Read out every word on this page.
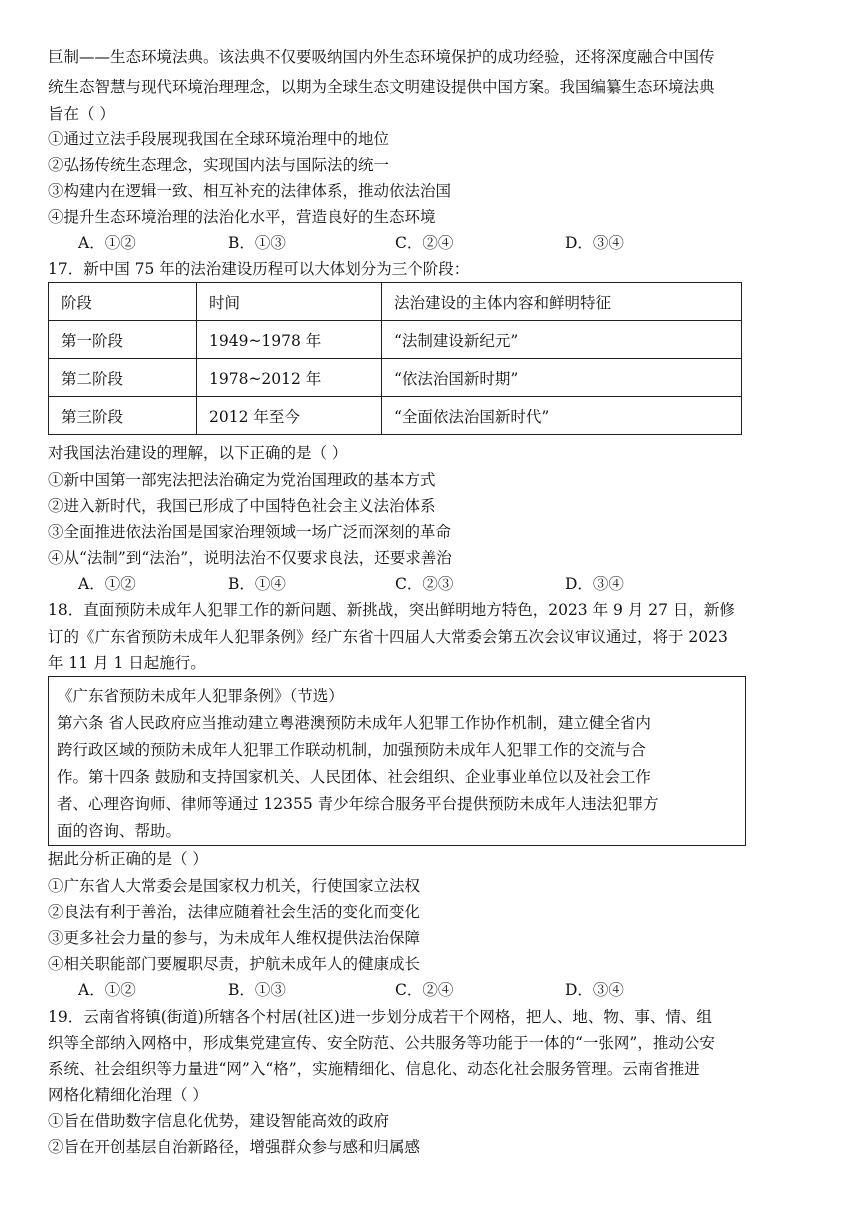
巨制——生态环境法典。该法典不仅要吸纳国内外生态环境保护的成功经验，还将深度融合中国传
统生态智慧与现代环境治理理念，以期为全球生态文明建设提供中国方案。我国编纂生态环境法典
旨在（ ）
①通过立法手段展现我国在全球环境治理中的地位
②弘扬传统生态理念，实现国内法与国际法的统一
③构建内在逻辑一致、相互补充的法律体系，推动依法治国
④提升生态环境治理的法治化水平，营造良好的生态环境
A．①②	B．①③	C．②④	D．③④
17．新中国 75 年的法治建设历程可以大体划分为三个阶段：
阶段	时间	法治建设的主体内容和鲜明特征
第一阶段	1949~1978 年	“法制建设新纪元”
第二阶段	1978~2012 年	“依法治国新时期”
第三阶段	2012 年至今	“全面依法治国新时代”
对我国法治建设的理解，以下正确的是（ ）
①新中国第一部宪法把法治确定为党治国理政的基本方式
②进入新时代，我国已形成了中国特色社会主义法治体系
③全面推进依法治国是国家治理领域一场广泛而深刻的革命
④从“法制”到“法治”，说明法治不仅要求良法，还要求善治
A．①②	B．①④	C．②③	D．③④
18．直面预防未成年人犯罪工作的新问题、新挑战，突出鲜明地方特色，2023 年 9 月 27 日，新修
订的《广东省预防未成年人犯罪条例》经广东省十四届人大常委会第五次会议审议通过，将于 2023
年 11 月 1 日起施行。
《广东省预防未成年人犯罪条例》（节选）
第六条 省人民政府应当推动建立粤港澳预防未成年人犯罪工作协作机制，建立健全省内
跨行政区域的预防未成年人犯罪工作联动机制，加强预防未成年人犯罪工作的交流与合
作。第十四条 鼓励和支持国家机关、人民团体、社会组织、企业事业单位以及社会工作
者、心理咨询师、律师等通过 12355 青少年综合服务平台提供预防未成年人违法犯罪方
面的咨询、帮助。
据此分析正确的是（ ）
①广东省人大常委会是国家权力机关，行使国家立法权
②良法有利于善治，法律应随着社会生活的变化而变化
③更多社会力量的参与，为未成年人维权提供法治保障
④相关职能部门要履职尽责，护航未成年人的健康成长
A．①②	B．①③	C．②④	D．③④
19．云南省将镇(街道)所辖各个村居(社区)进一步划分成若干个网格，把人、地、物、事、情、组
织等全部纳入网格中，形成集党建宣传、安全防范、公共服务等功能于一体的“一张网”，推动公安
系统、社会组织等力量进“网”入“格”，实施精细化、信息化、动态化社会服务管理。云南省推进
网格化精细化治理（ ）
①旨在借助数字信息化优势，建设智能高效的政府
②旨在开创基层自治新路径，增强群众参与感和归属感
